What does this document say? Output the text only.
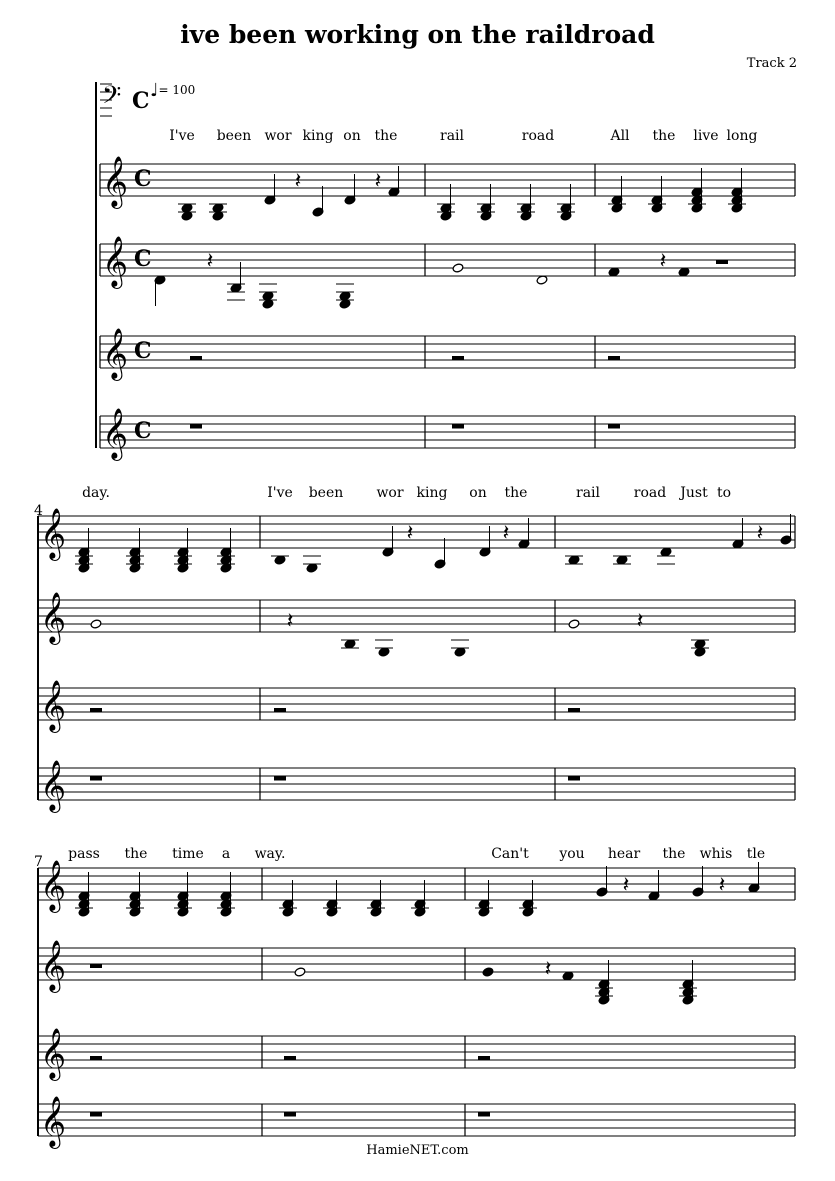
ive been working on the raildroad
Track 2
♩= 100
HamieNET.com
𝄢 C
𝄞 C
𝄞 C
𝄞 C
𝄞 C
𝄽	𝄽
𝄽	𝄽
𝄞
𝄞
𝄞
𝄞
𝄽	𝄽	𝄽
𝄽	𝄽
𝄞
𝄞
𝄞
𝄞
𝄽	𝄽
𝄽
4
7
I've been wor king on the	rail	road	All the live long
day.	I've been wor king on the	rail road Just to
pass the time a way.	Can't you hear the whis tle
